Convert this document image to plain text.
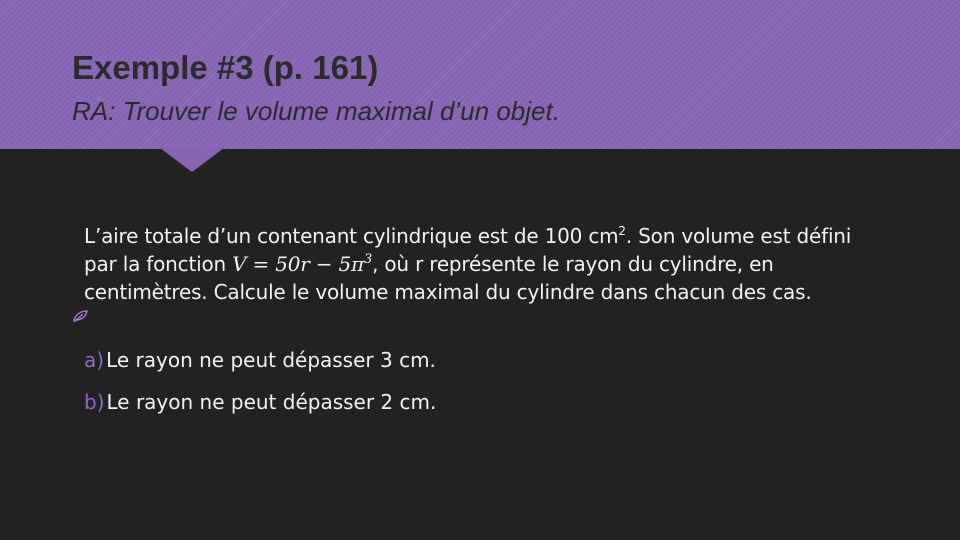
Exemple #3 (p. 161)

RA: Trouver le volume maximal d’un objet.

L’aire totale d’un contenant cylindrique est de 100 $cm^2$. Son volume est défini par la fonction $V = 50r - 5\pi^3$, où r représente le rayon du cylindre, en centimètres. Calcule le volume maximal du cylindre dans chacun des cas.

a) Le rayon ne peut dépasser 3 cm.

b) Le rayon ne peut dépasser 2 cm.
